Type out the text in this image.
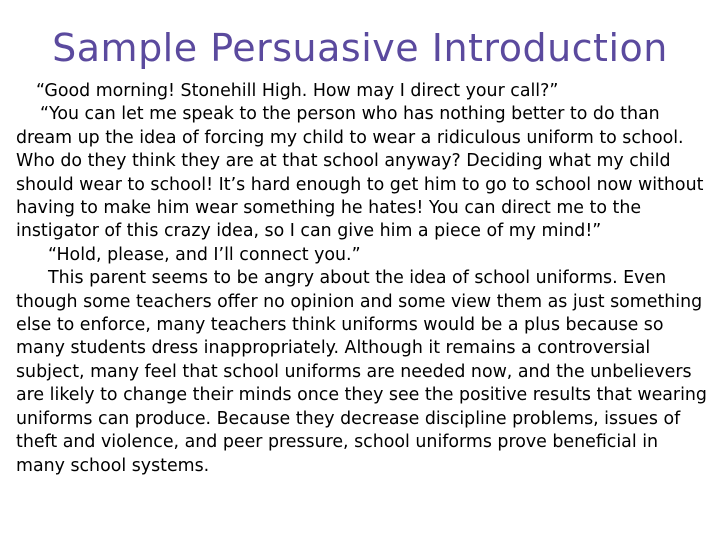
Sample Persuasive Introduction

“Good morning! Stonehill High. How may I direct your call?”

“You can let me speak to the person who has nothing better to do than dream up the idea of forcing my child to wear a ridiculous uniform to school. Who do they think they are at that school anyway? Deciding what my child should wear to school! It’s hard enough to get him to go to school now without having to make him wear something he hates! You can direct me to the instigator of this crazy idea, so I can give him a piece of my mind!”

“Hold, please, and I’ll connect you.”

This parent seems to be angry about the idea of school uniforms. Even though some teachers offer no opinion and some view them as just something else to enforce, many teachers think uniforms would be a plus because so many students dress inappropriately. Although it remains a controversial subject, many feel that school uniforms are needed now, and the unbelievers are likely to change their minds once they see the positive results that wearing uniforms can produce. Because they decrease discipline problems, issues of theft and violence, and peer pressure, school uniforms prove beneficial in many school systems.
